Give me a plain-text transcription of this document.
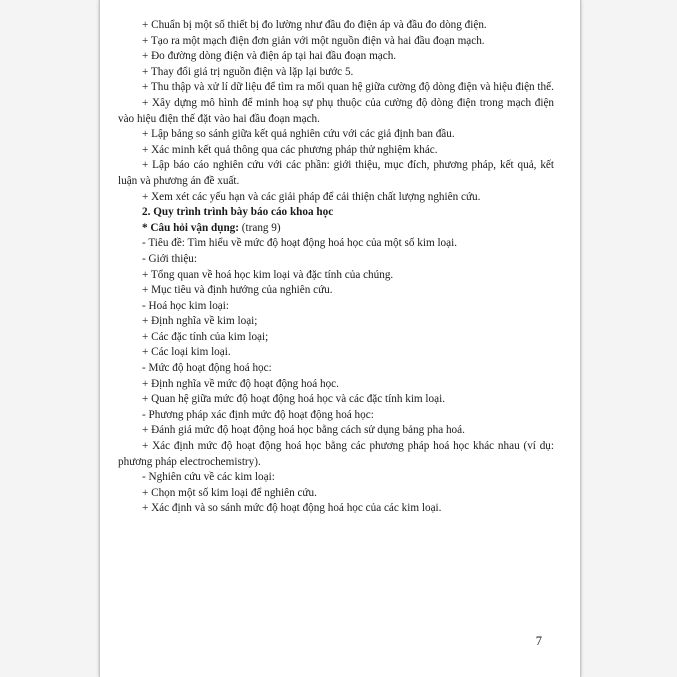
+ Chuẩn bị một số thiết bị đo lường như đầu đo điện áp và đầu đo dòng điện.
+ Tạo ra một mạch điện đơn giản với một nguồn điện và hai đầu đoạn mạch.
+ Đo đường dòng điện và điện áp tại hai đầu đoạn mạch.
+ Thay đổi giá trị nguồn điện và lặp lại bước 5.
+ Thu thập và xử lí dữ liệu để tìm ra mối quan hệ giữa cường độ dòng điện và hiệu điện thế.
+ Xây dựng mô hình để minh hoạ sự phụ thuộc của cường độ dòng điện trong mạch điện vào hiệu điện thế đặt vào hai đầu đoạn mạch.
+ Lập bảng so sánh giữa kết quả nghiên cứu với các giả định ban đầu.
+ Xác minh kết quả thông qua các phương pháp thử nghiệm khác.
+ Lập báo cáo nghiên cứu với các phần: giới thiệu, mục đích, phương pháp, kết quả, kết luận và phương án đề xuất.
+ Xem xét các yếu hạn và các giải pháp để cải thiện chất lượng nghiên cứu.
2. Quy trình trình bày báo cáo khoa học
* Câu hỏi vận dụng: (trang 9)
- Tiêu đề: Tìm hiểu về mức độ hoạt động hoá học của một số kim loại.
- Giới thiệu:
+ Tổng quan về hoá học kim loại và đặc tính của chúng.
+ Mục tiêu và định hướng của nghiên cứu.
- Hoá học kim loại:
+ Định nghĩa về kim loại;
+ Các đặc tính của kim loại;
+ Các loại kim loại.
- Mức độ hoạt động hoá học:
+ Định nghĩa về mức độ hoạt động hoá học.
+ Quan hệ giữa mức độ hoạt động hoá học và các đặc tính kim loại.
- Phương pháp xác định mức độ hoạt động hoá học:
+ Đánh giá mức độ hoạt động hoá học bằng cách sử dụng bảng pha hoá.
+ Xác định mức độ hoạt động hoá học bằng các phương pháp hoá học khác nhau (ví dụ: phương pháp electrochemistry).
- Nghiên cứu về các kim loại:
+ Chọn một số kim loại để nghiên cứu.
+ Xác định và so sánh mức độ hoạt động hoá học của các kim loại.
7
